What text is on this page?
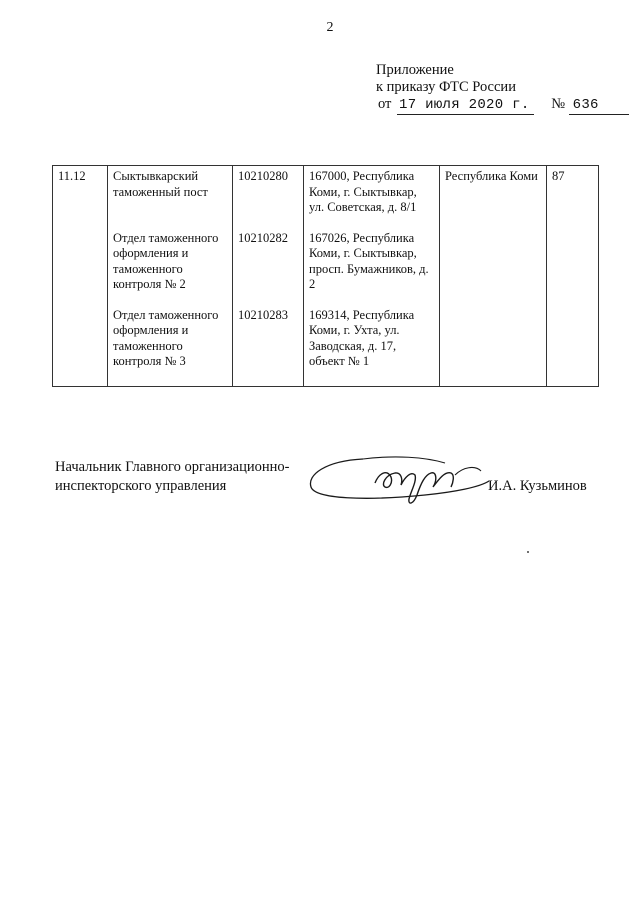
2
Приложение
к приказу ФТС России
от 17 июля 2020 г. № 636
11.12	Сыктывкарский таможенный пост	10210280	167000, Республика Коми, г. Сыктывкар, ул. Советская, д. 8/1	Республика Коми	87
	Отдел таможенного оформления и таможенного контроля № 2	10210282	167026, Республика Коми, г. Сыктывкар, просп. Бумажников, д. 2		
	Отдел таможенного оформления и таможенного контроля № 3	10210283	169314, Республика Коми, г. Ухта, ул. Заводская, д. 17, объект № 1		
Начальник Главного организационно-
инспекторского управления	И.А. Кузьминов
